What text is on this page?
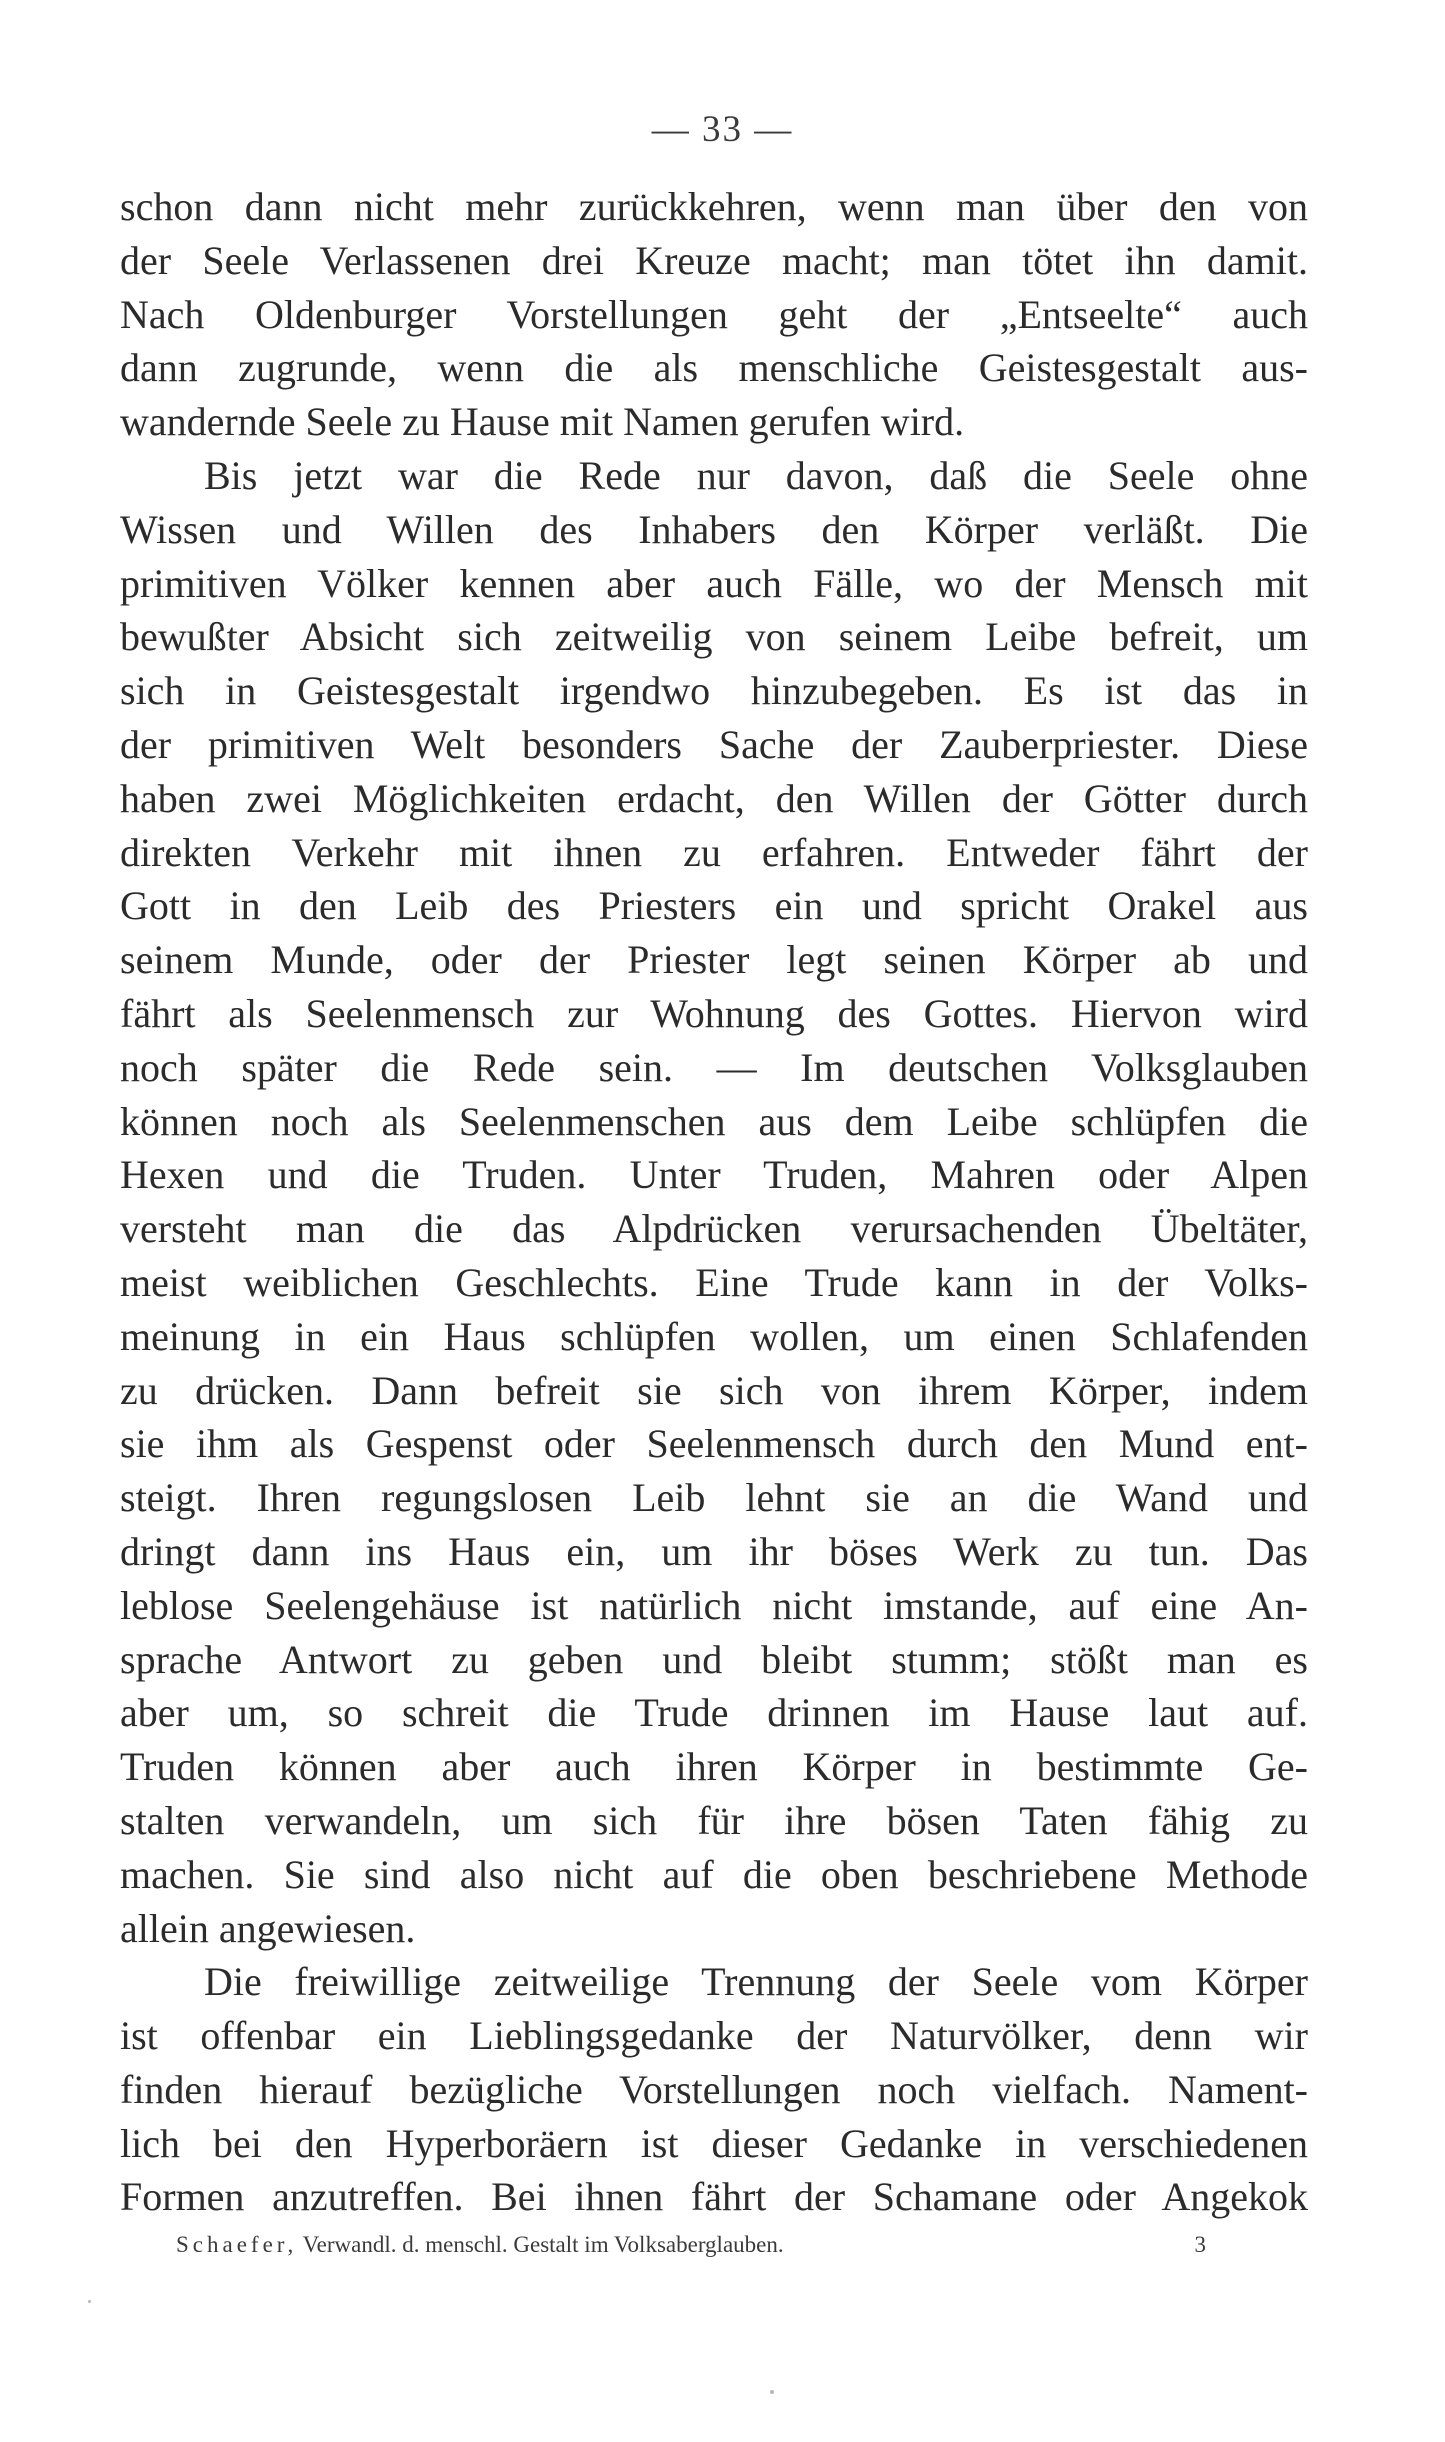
— 33 —
schon dann nicht mehr zurückkehren, wenn man über den von
der Seele Verlassenen drei Kreuze macht; man tötet ihn damit.
Nach Oldenburger Vorstellungen geht der „Entseelte“ auch
dann zugrunde, wenn die als menschliche Geistesgestalt aus-
wandernde Seele zu Hause mit Namen gerufen wird.
Bis jetzt war die Rede nur davon, daß die Seele ohne
Wissen und Willen des Inhabers den Körper verläßt. Die
primitiven Völker kennen aber auch Fälle, wo der Mensch mit
bewußter Absicht sich zeitweilig von seinem Leibe befreit, um
sich in Geistesgestalt irgendwo hinzubegeben. Es ist das in
der primitiven Welt besonders Sache der Zauberpriester. Diese
haben zwei Möglichkeiten erdacht, den Willen der Götter durch
direkten Verkehr mit ihnen zu erfahren. Entweder fährt der
Gott in den Leib des Priesters ein und spricht Orakel aus
seinem Munde, oder der Priester legt seinen Körper ab und
fährt als Seelenmensch zur Wohnung des Gottes. Hiervon wird
noch später die Rede sein. — Im deutschen Volksglauben
können noch als Seelenmenschen aus dem Leibe schlüpfen die
Hexen und die Truden. Unter Truden, Mahren oder Alpen
versteht man die das Alpdrücken verursachenden Übeltäter,
meist weiblichen Geschlechts. Eine Trude kann in der Volks-
meinung in ein Haus schlüpfen wollen, um einen Schlafenden
zu drücken. Dann befreit sie sich von ihrem Körper, indem
sie ihm als Gespenst oder Seelenmensch durch den Mund ent-
steigt. Ihren regungslosen Leib lehnt sie an die Wand und
dringt dann ins Haus ein, um ihr böses Werk zu tun. Das
leblose Seelengehäuse ist natürlich nicht imstande, auf eine An-
sprache Antwort zu geben und bleibt stumm; stößt man es
aber um, so schreit die Trude drinnen im Hause laut auf.
Truden können aber auch ihren Körper in bestimmte Ge-
stalten verwandeln, um sich für ihre bösen Taten fähig zu
machen. Sie sind also nicht auf die oben beschriebene Methode
allein angewiesen.
Die freiwillige zeitweilige Trennung der Seele vom Körper
ist offenbar ein Lieblingsgedanke der Naturvölker, denn wir
finden hierauf bezügliche Vorstellungen noch vielfach. Nament-
lich bei den Hyperboräern ist dieser Gedanke in verschiedenen
Formen anzutreffen. Bei ihnen fährt der Schamane oder Angekok
Schaefer, Verwandl. d. menschl. Gestalt im Volksaberglauben.	3
